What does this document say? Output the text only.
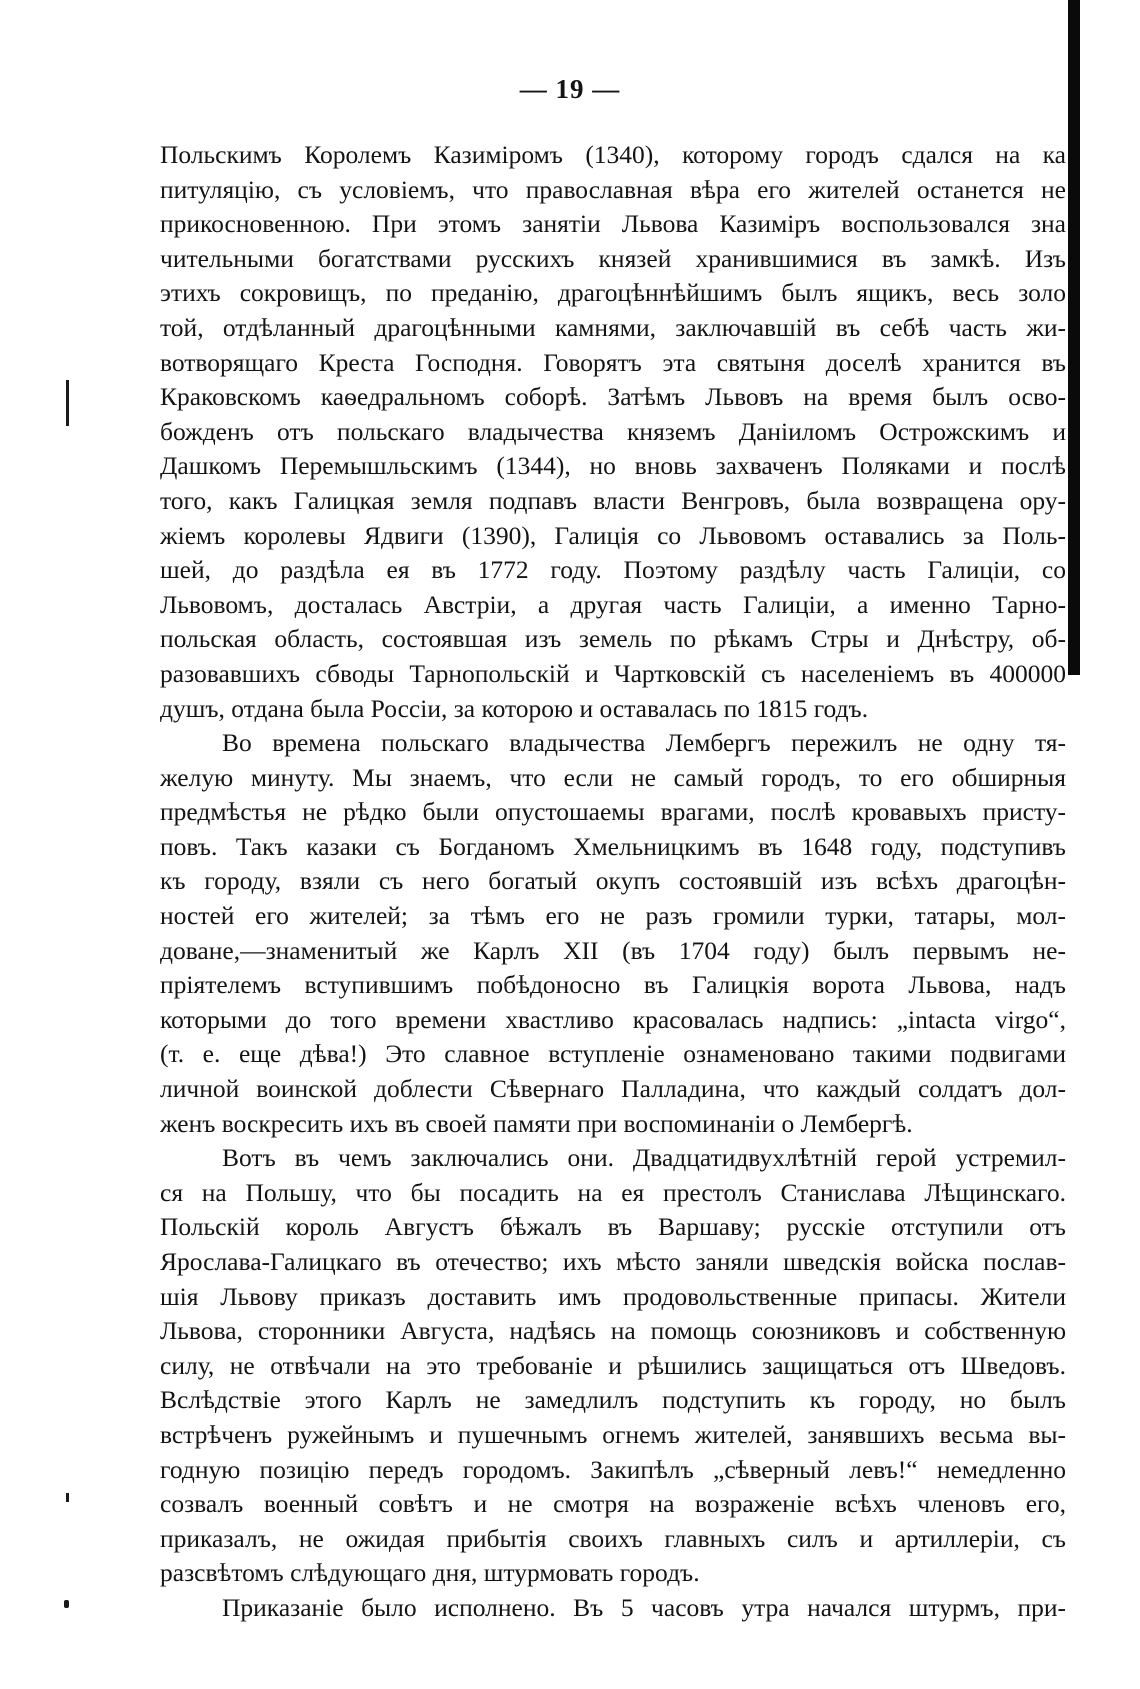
— 19 —
Польскимъ Королемъ Казиміромъ (1340), которому городъ сдался на ка
питуляцію, съ условіемъ, что православная вѣра его жителей останется не
прикосновенною. При этомъ занятіи Львова Казиміръ воспользовался зна
чительными богатствами русскихъ князей хранившимися въ замкѣ. Изъ
этихъ сокровищъ, по преданію, драгоцѣннѣйшимъ былъ ящикъ, весь золо
той, отдѣланный драгоцѣнными камнями, заключавшій въ себѣ часть жи-
вотворящаго Креста Господня. Говорятъ эта святыня доселѣ хранится въ
Краковскомъ каѳедральномъ соборѣ. Затѣмъ Львовъ на время былъ осво-
божденъ отъ польскаго владычества княземъ Даніиломъ Острожскимъ и
Дашкомъ Перемышльскимъ (1344), но вновь захваченъ Поляками и послѣ
того, какъ Галицкая земля подпавъ власти Венгровъ, была возвращена ору-
жіемъ королевы Ядвиги (1390), Галиція со Львовомъ оставались за Поль-
шей, до раздѣла ея въ 1772 году. Поэтому раздѣлу часть Галиціи, со
Львовомъ, досталась Австріи, а другая часть Галиціи, а именно Тарно-
польская область, состоявшая изъ земель по рѣкамъ Стры и Днѣстру, об-
разовавшихъ сбводы Тарнопольскій и Чартковскій съ населеніемъ въ 400000
душъ, отдана была Россіи, за которою и оставалась по 1815 годъ.
Во времена польскаго владычества Лембергъ пережилъ не одну тя-
желую минуту. Мы знаемъ, что если не самый городъ, то его обширныя
предмѣстья не рѣдко были опустошаемы врагами, послѣ кровавыхъ присту-
повъ. Такъ казаки съ Богданомъ Хмельницкимъ въ 1648 году, подступивъ
къ городу, взяли съ него богатый окупъ состоявшій изъ всѣхъ драгоцѣн-
ностей его жителей; за тѣмъ его не разъ громили турки, татары, мол-
доване,—знаменитый же Карлъ XII (въ 1704 году) былъ первымъ не-
пріятелемъ вступившимъ побѣдоносно въ Галицкія ворота Львова, надъ
которыми до того времени хвастливо красовалась надпись: „intacta virgo“,
(т. е. еще дѣва!) Это славное вступленіе ознаменовано такими подвигами
личной воинской доблести Сѣвернаго Палладина, что каждый солдатъ дол-
женъ воскресить ихъ въ своей памяти при воспоминаніи о Лембергѣ.
Вотъ въ чемъ заключались они. Двадцатидвухлѣтній герой устремил-
ся на Польшу, что бы посадить на ея престолъ Станислава Лѣщинскаго.
Польскій король Августъ бѣжалъ въ Варшаву; русскіе отступили отъ
Ярослава-Галицкаго въ отечество; ихъ мѣсто заняли шведскія войска послав-
шія Львову приказъ доставить имъ продовольственные припасы. Жители
Львова, сторонники Августа, надѣясь на помощь союзниковъ и собственную
силу, не отвѣчали на это требованіе и рѣшились защищаться отъ Шведовъ.
Вслѣдствіе этого Карлъ не замедлилъ подступить къ городу, но былъ
встрѣченъ ружейнымъ и пушечнымъ огнемъ жителей, занявшихъ весьма вы-
годную позицію передъ городомъ. Закипѣлъ „сѣверный левъ!“ немедленно
созвалъ военный совѣтъ и не смотря на возраженіе всѣхъ членовъ его,
приказалъ, не ожидая прибытія своихъ главныхъ силъ и артиллеріи, съ
разсвѣтомъ слѣдующаго дня, штурмовать городъ.
Приказаніе было исполнено. Въ 5 часовъ утра начался штурмъ, при-
